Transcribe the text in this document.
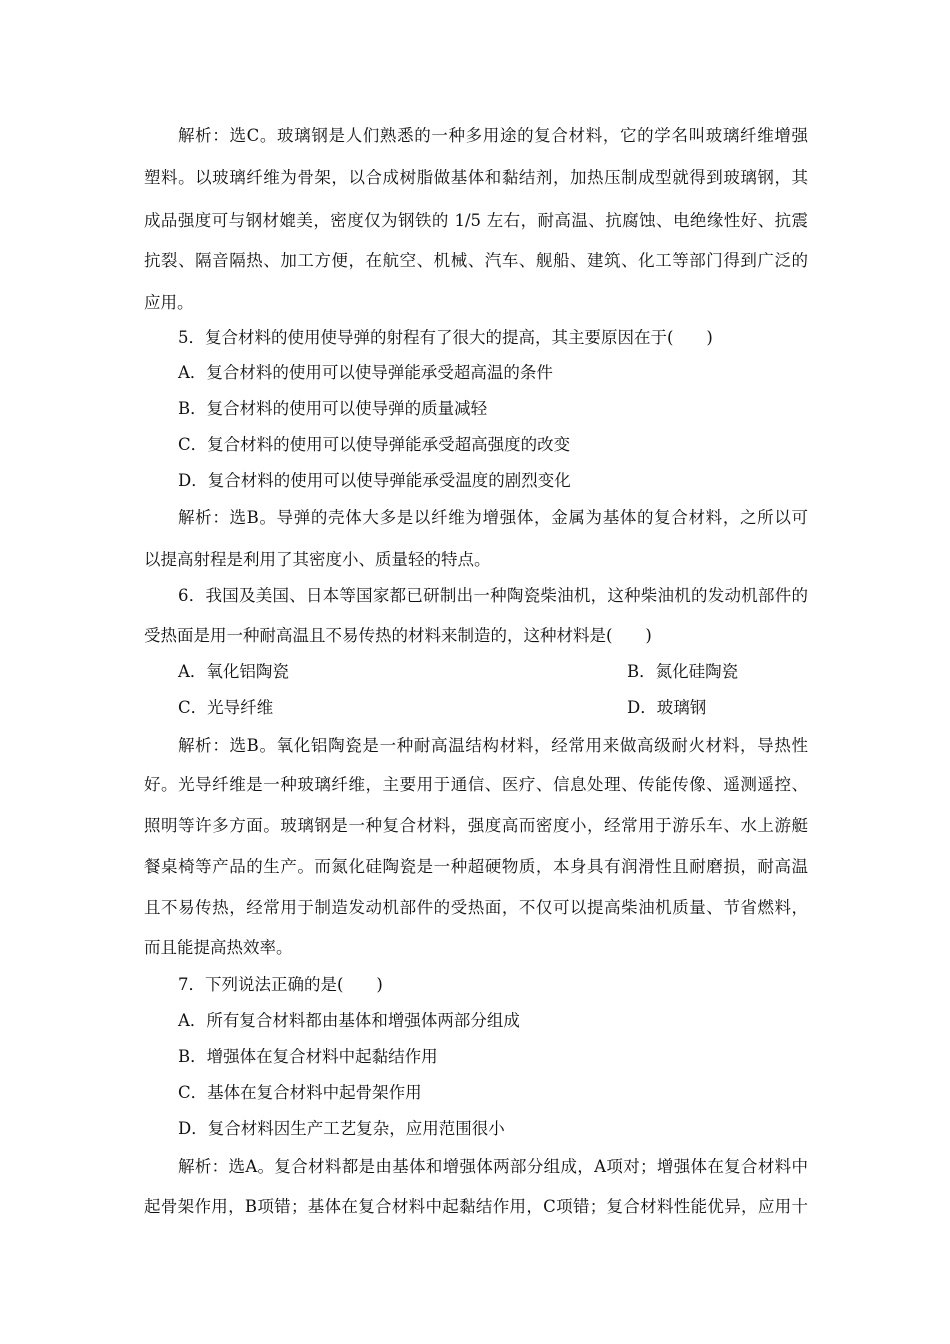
解析：选C。玻璃钢是人们熟悉的一种多用途的复合材料，它的学名叫玻璃纤维增强
塑料。以玻璃纤维为骨架，以合成树脂做基体和黏结剂，加热压制成型就得到玻璃钢，其
成品强度可与钢材媲美，密度仅为钢铁的 1/5 左右，耐高温、抗腐蚀、电绝缘性好、抗震
抗裂、隔音隔热、加工方便，在航空、机械、汽车、舰船、建筑、化工等部门得到广泛的
应用。
5．复合材料的使用使导弹的射程有了很大的提高，其主要原因在于(　　)
A．复合材料的使用可以使导弹能承受超高温的条件
B．复合材料的使用可以使导弹的质量减轻
C．复合材料的使用可以使导弹能承受超高强度的改变
D．复合材料的使用可以使导弹能承受温度的剧烈变化
解析：选B。导弹的壳体大多是以纤维为增强体，金属为基体的复合材料，之所以可
以提高射程是利用了其密度小、质量轻的特点。
6．我国及美国、日本等国家都已研制出一种陶瓷柴油机，这种柴油机的发动机部件的
受热面是用一种耐高温且不易传热的材料来制造的，这种材料是(　　)
A．氧化铝陶瓷	B．氮化硅陶瓷
C．光导纤维	D．玻璃钢
解析：选B。氧化铝陶瓷是一种耐高温结构材料，经常用来做高级耐火材料，导热性
好。光导纤维是一种玻璃纤维，主要用于通信、医疗、信息处理、传能传像、遥测遥控、
照明等许多方面。玻璃钢是一种复合材料，强度高而密度小，经常用于游乐车、水上游艇
餐桌椅等产品的生产。而氮化硅陶瓷是一种超硬物质，本身具有润滑性且耐磨损，耐高温
且不易传热，经常用于制造发动机部件的受热面，不仅可以提高柴油机质量、节省燃料，
而且能提高热效率。
7．下列说法正确的是(　　)
A．所有复合材料都由基体和增强体两部分组成
B．增强体在复合材料中起黏结作用
C．基体在复合材料中起骨架作用
D．复合材料因生产工艺复杂，应用范围很小
解析：选A。复合材料都是由基体和增强体两部分组成，A项对；增强体在复合材料中
起骨架作用，B项错；基体在复合材料中起黏结作用，C项错；复合材料性能优异，应用十
